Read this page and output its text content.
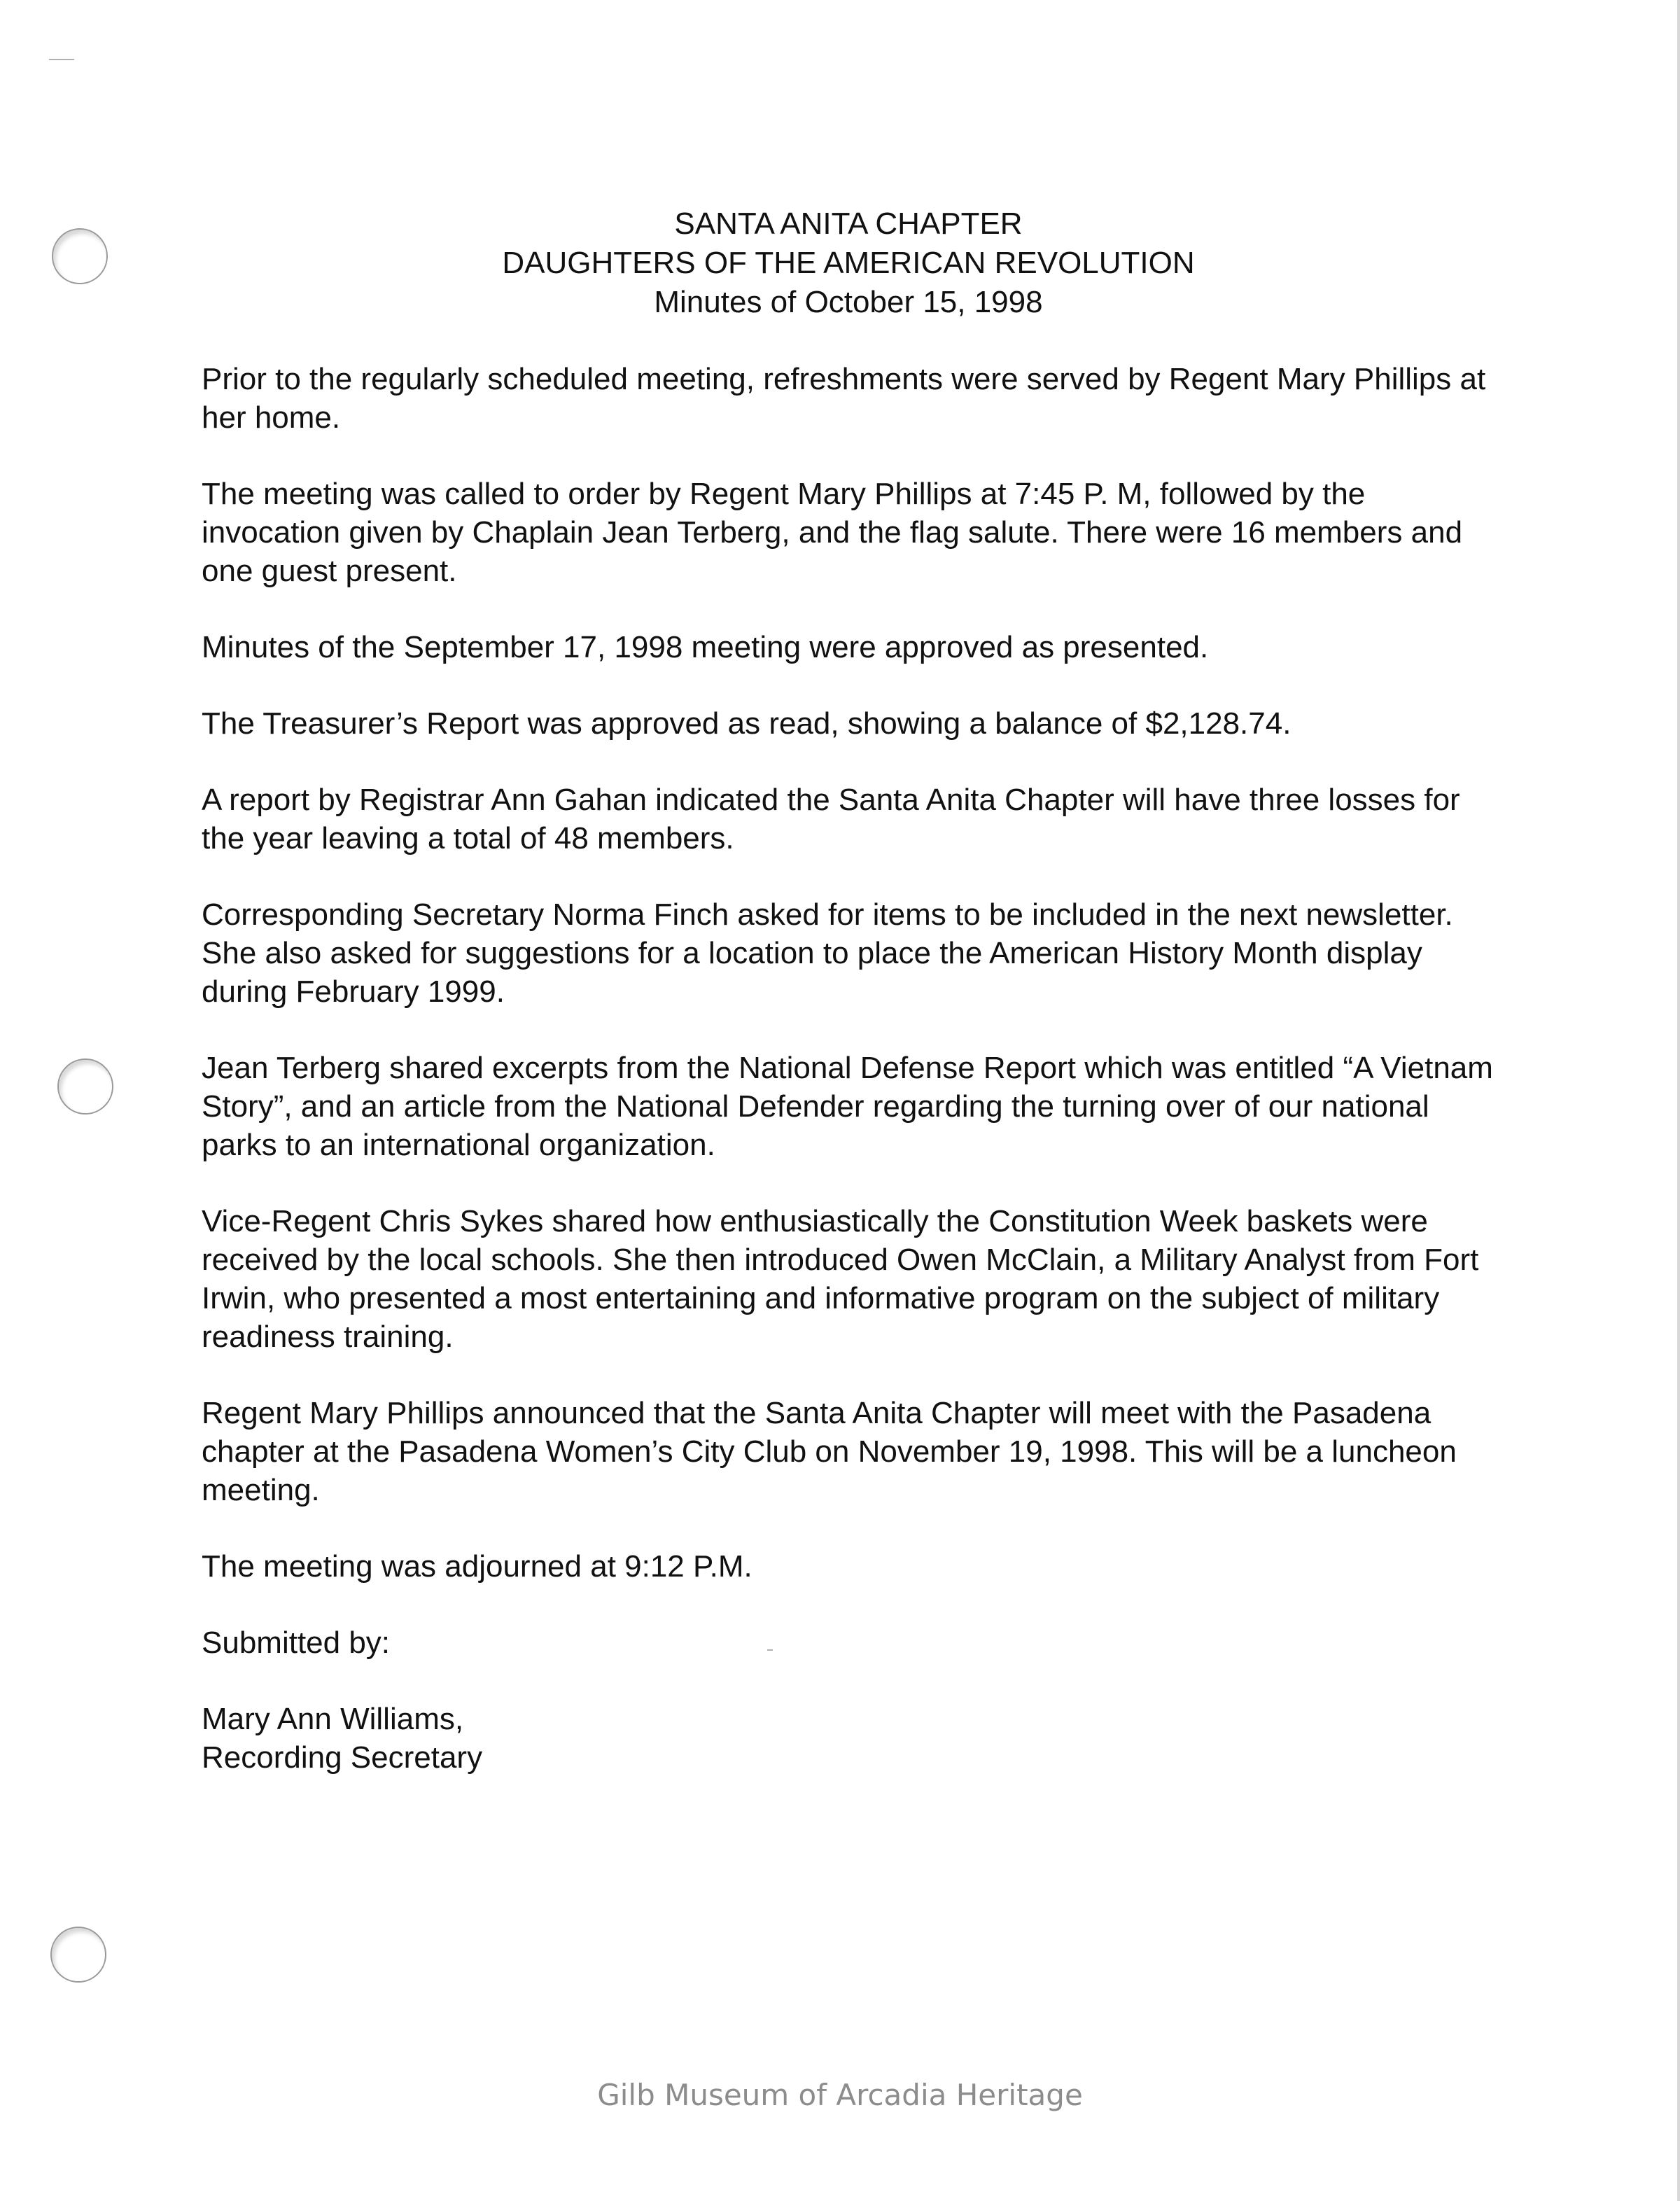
SANTA ANITA CHAPTER
DAUGHTERS OF THE AMERICAN REVOLUTION
Minutes of October 15, 1998

Prior to the regularly scheduled meeting, refreshments were served by Regent Mary Phillips at her home.

The meeting was called to order by Regent Mary Phillips at 7:45 P. M, followed by the invocation given by Chaplain Jean Terberg, and the flag salute. There were 16 members and one guest present.

Minutes of the September 17, 1998 meeting were approved as presented.

The Treasurer’s Report was approved as read, showing a balance of $2,128.74.

A report by Registrar Ann Gahan indicated the Santa Anita Chapter will have three losses for the year leaving a total of 48 members.

Corresponding Secretary Norma Finch asked for items to be included in the next newsletter. She also asked for suggestions for a location to place the American History Month display during February 1999.

Jean Terberg shared excerpts from the National Defense Report which was entitled “A Vietnam Story”, and an article from the National Defender regarding the turning over of our national parks to an international organization.

Vice-Regent Chris Sykes shared how enthusiastically the Constitution Week baskets were received by the local schools. She then introduced Owen McClain, a Military Analyst from Fort Irwin, who presented a most entertaining and informative program on the subject of military readiness training.

Regent Mary Phillips announced that the Santa Anita Chapter will meet with the Pasadena chapter at the Pasadena Women’s City Club on November 19, 1998. This will be a luncheon meeting.

The meeting was adjourned at 9:12 P.M.

Submitted by:

Mary Ann Williams,
Recording Secretary

Gilb Museum of Arcadia Heritage
